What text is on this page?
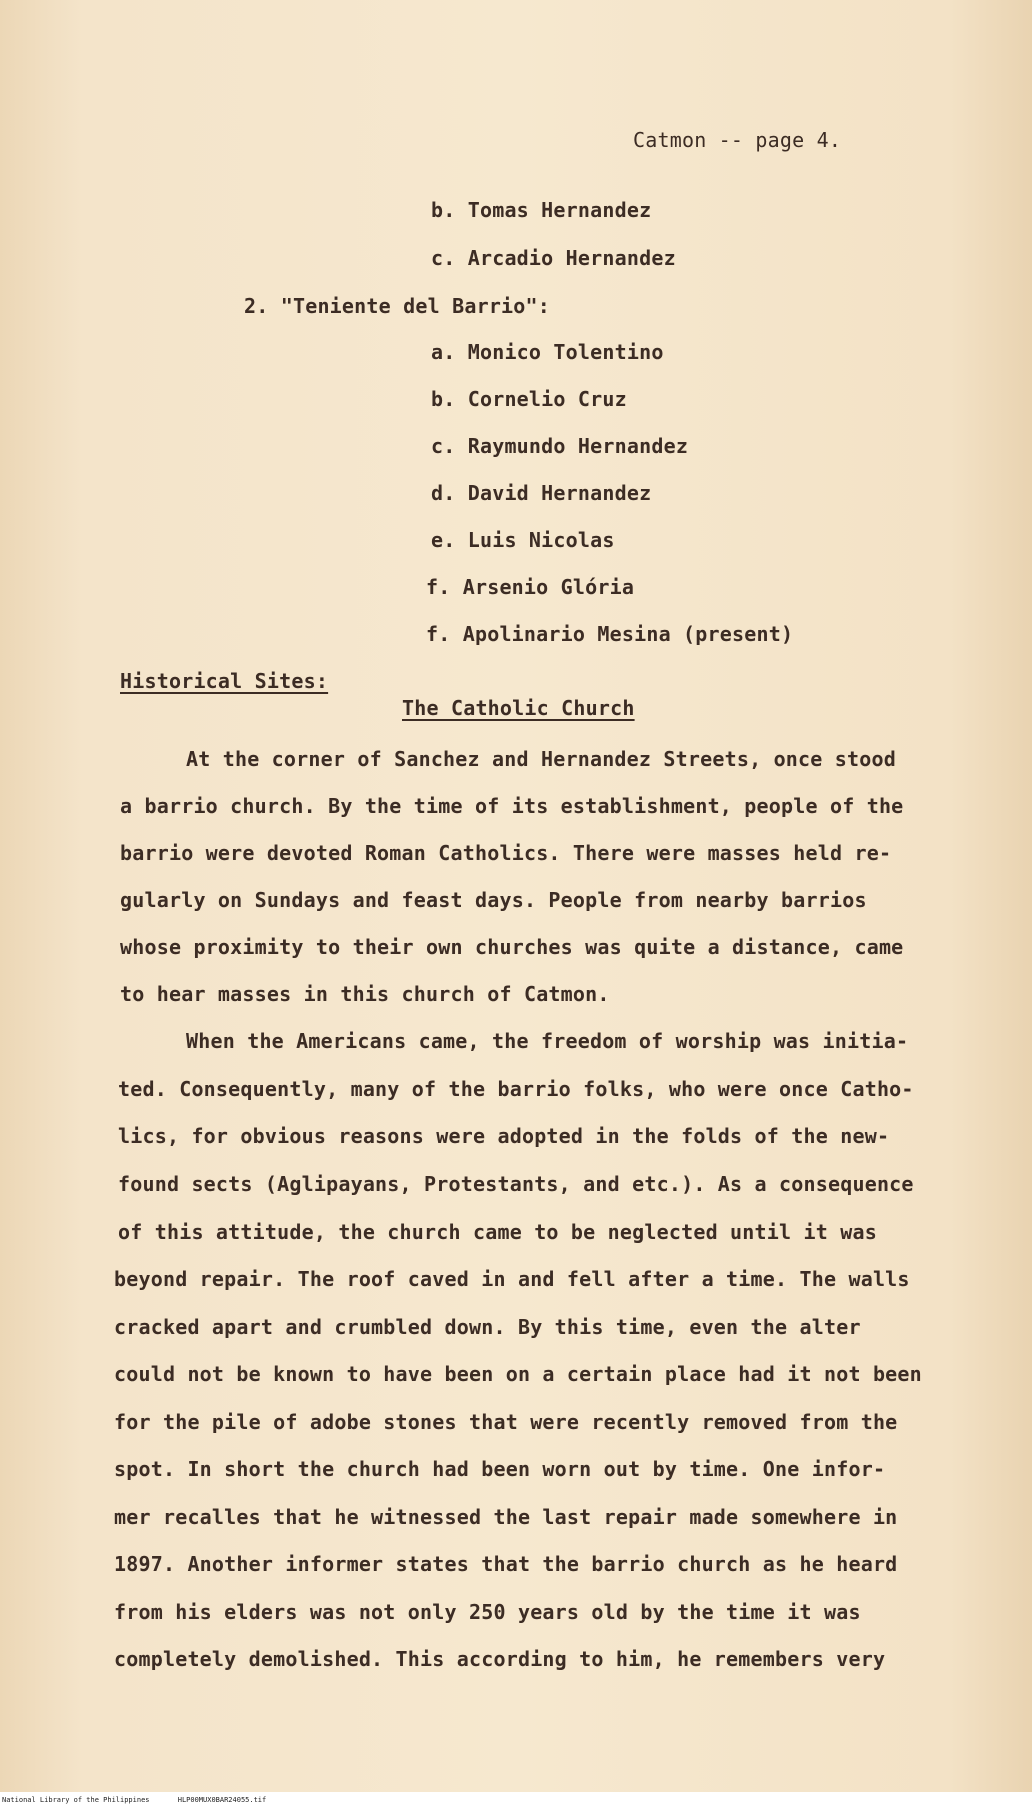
Catmon -- page 4.
b. Tomas Hernandez
c. Arcadio Hernandez
2. "Teniente del Barrio":
a. Monico Tolentino
b. Cornelio Cruz
c. Raymundo Hernandez
d. David Hernandez
e. Luis Nicolas
f. Arsenio Glória
f. Apolinario Mesina (present)
Historical Sites:
The Catholic Church
At the corner of Sanchez and Hernandez Streets, once stood
a barrio church. By the time of its establishment, people of the
barrio were devoted Roman Catholics. There were masses held re-
gularly on Sundays and feast days. People from nearby barrios
whose proximity to their own churches was quite a distance, came
to hear masses in this church of Catmon.
When the Americans came, the freedom of worship was initia-
ted. Consequently, many of the barrio folks, who were once Catho-
lics, for obvious reasons were adopted in the folds of the new-
found sects (Aglipayans, Protestants, and etc.). As a consequence
of this attitude, the church came to be neglected until it was
beyond repair. The roof caved in and fell after a time. The walls
cracked apart and crumbled down. By this time, even the alter
could not be known to have been on a certain place had it not been
for the pile of adobe stones that were recently removed from the
spot. In short the church had been worn out by time. One infor-
mer recalles that he witnessed the last repair made somewhere in
1897. Another informer states that the barrio church as he heard
from his elders was not only 250 years old by the time it was
completely demolished. This according to him, he remembers very
National Library of the Philippines	HLP00MUX0BAR24055.tif
